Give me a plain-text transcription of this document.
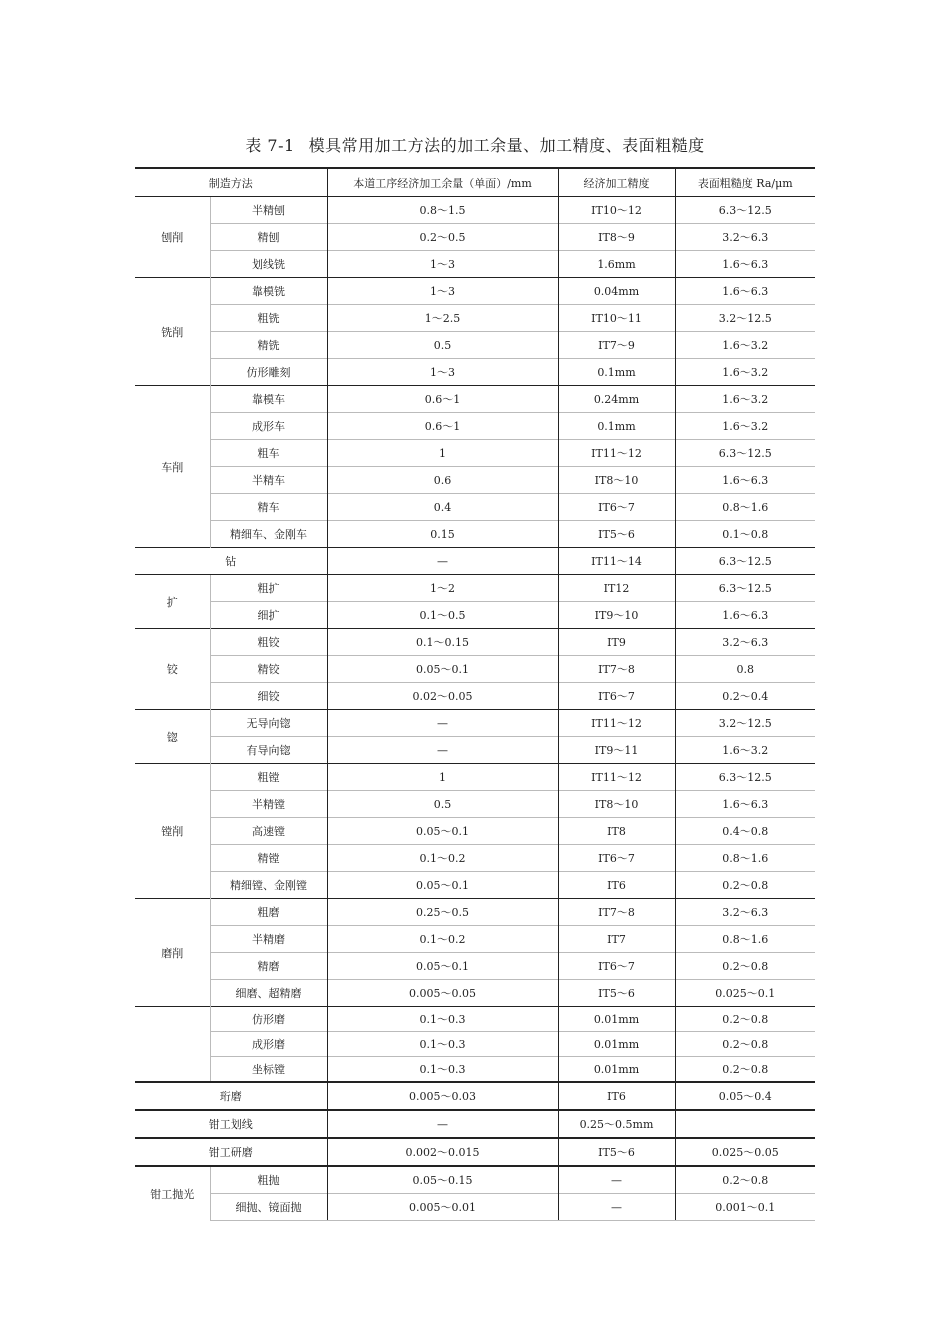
表 7-1 模具常用加工方法的加工余量、加工精度、表面粗糙度
制造方法		本道工序经济加工余量（单面）/mm	经济加工精度	表面粗糙度 Ra/μm
刨削	半精刨	0.8～1.5	IT10～12	6.3～12.5
	精刨	0.2～0.5	IT8～9	3.2～6.3
	划线铣	1～3	1.6mm	1.6～6.3
铣削	靠模铣	1～3	0.04mm	1.6～6.3
	粗铣	1～2.5	IT10～11	3.2～12.5
	精铣	0.5	IT7～9	1.6～3.2
	仿形雕刻	1～3	0.1mm	1.6～3.2
车削	靠模车	0.6～1	0.24mm	1.6～3.2
	成形车	0.6～1	0.1mm	1.6～3.2
	粗车	1	IT11～12	6.3～12.5
	半精车	0.6	IT8～10	1.6～6.3
	精车	0.4	IT6～7	0.8～1.6
	精细车、金刚车	0.15	IT5～6	0.1～0.8
钻		—	IT11～14	6.3～12.5
扩	粗扩	1～2	IT12	6.3～12.5
	细扩	0.1～0.5	IT9～10	1.6～6.3
铰	粗铰	0.1～0.15	IT9	3.2～6.3
	精铰	0.05～0.1	IT7～8	0.8
	细铰	0.02～0.05	IT6～7	0.2～0.4
锪	无导向锪	—	IT11～12	3.2～12.5
	有导向锪	—	IT9～11	1.6～3.2
镗削	粗镗	1	IT11～12	6.3～12.5
	半精镗	0.5	IT8～10	1.6～6.3
	高速镗	0.05～0.1	IT8	0.4～0.8
	精镗	0.1～0.2	IT6～7	0.8～1.6
	精细镗、金刚镗	0.05～0.1	IT6	0.2～0.8
磨削	粗磨	0.25～0.5	IT7～8	3.2～6.3
	半精磨	0.1～0.2	IT7	0.8～1.6
	精磨	0.05～0.1	IT6～7	0.2～0.8
	细磨、超精磨	0.005～0.05	IT5～6	0.025～0.1
	仿形磨	0.1～0.3	0.01mm	0.2～0.8
	成形磨	0.1～0.3	0.01mm	0.2～0.8
	坐标镗	0.1～0.3	0.01mm	0.2～0.8
珩磨		0.005～0.03	IT6	0.05～0.4
钳工划线		—	0.25～0.5mm	
钳工研磨		0.002～0.015	IT5～6	0.025～0.05
钳工抛光	粗抛	0.05～0.15	—	0.2～0.8
	细抛、镜面抛	0.005～0.01	—	0.001～0.1
